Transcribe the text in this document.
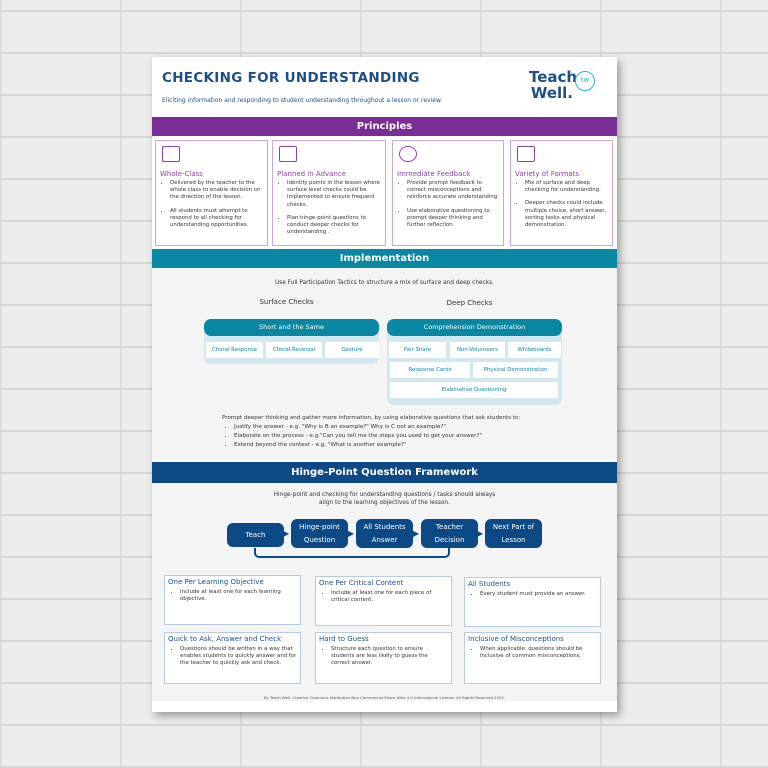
CHECKING FOR UNDERSTANDING
Eliciting information and responding to student understanding throughout a lesson or review.
Teach
Well.
tw
Principles
Whole-Class
• Delivered by the teacher to the whole class to enable decision on the direction of the lesson.
• All students must attempt to respond to all checking for understanding opportunities.
Planned in Advance
• Identify points in the lesson where surface level checks could be implemented to ensure frequent checks.
• Plan hinge-point questions to conduct deeper checks for understanding .
Immediate Feedback
• Provide prompt feedback to correct misconceptions and reinforce accurate understanding.
• Use elaborative questioning to prompt deeper thinking and further reflection.
Variety of Formats
• Mix of surface and deep checking for understanding.
• Deeper checks could include multiple choice, short answer, sorting tasks and physical demonstration.
Implementation
Use Full Participation Tactics to structure a mix of surface and deep checks.
Surface Checks	Deep Checks
Short and the Same
Choral Response	Choral Reversal	Gesture
Comprehension Demonstration
Pair Share	Non-Volunteers	Whiteboards
Response Cards	Physical Demonstration
Elaborative Questioning
Prompt deeper thinking and gather more information, by using elaborative questions that ask students to:
• Justify the answer - e.g. "Why is B an example?" Why is C not an example?"
• Elaborate on the process - e.g."Can you tell me the steps you used to get your answer?"
• Extend beyond the context - e.g. "What is another example?"
Hinge-Point Question Framework
Hinge-point and checking for understanding questions / tasks should always
align to the learning objectives of the lesson.
Teach
Hinge-point Question
All Students Answer
Teacher Decision
Next Part of Lesson
▶	▶	▶	▶
One Per Learning Objective
• Include at least one for each learning objective.
One Per Critical Content
• Include at least one for each piece of critical content.
All Students
• Every student must provide an answer.
Quick to Ask, Answer and Check
• Questions should be written in a way that enables students to quickly answer and for the teacher to quickly ask and check.
Hard to Guess
• Structure each question to ensure students are less likely to guess the correct answer.
Inclusive of Misconceptions
• When applicable, questions should be inclusive of common misconceptions.
By Teach Well. Creative Commons Attribution-Non Commercial-Share Alike 4.0 International License. All Rights Reserved 2025.
